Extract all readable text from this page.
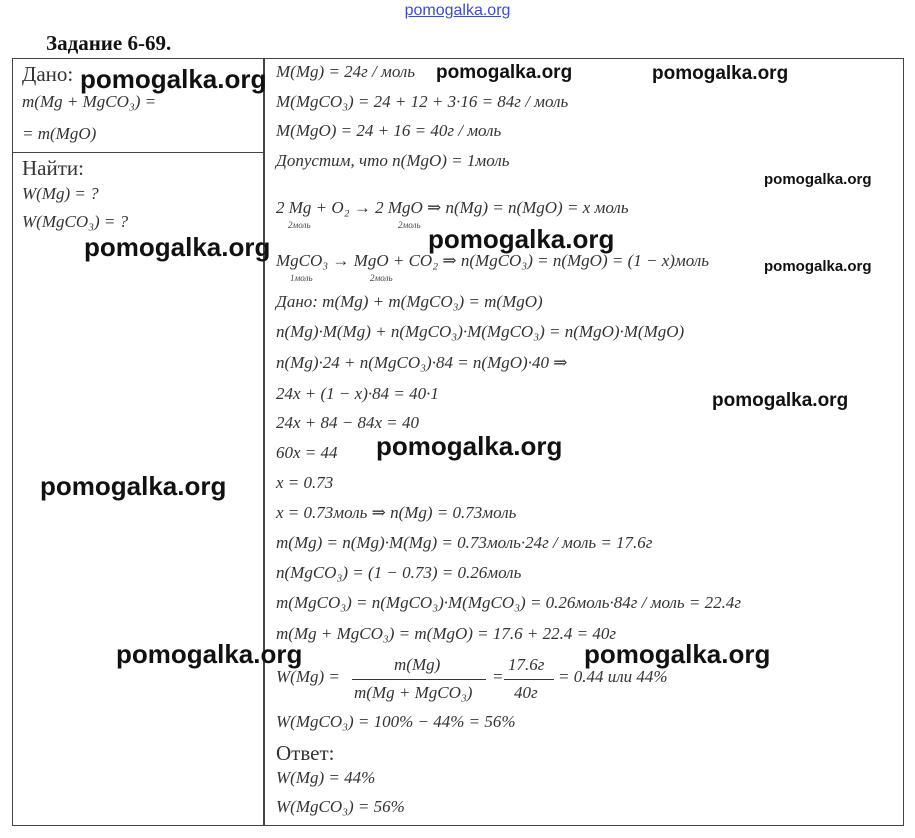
pomogalka.org
Задание 6-69.
Дано:
m(Mg + MgCO₃) =
= m(MgO)
Найти:
W(Mg) = ?
W(MgCO₃) = ?
M(Mg) = 24г / моль
M(MgCO₃) = 24 + 12 + 3·16 = 84г / моль
M(MgO) = 24 + 16 = 40г / моль
Допустим, что n(MgO) = 1моль
2 Mg + O₂ → 2 MgO ⇒ n(Mg) = n(MgO) = x моль
2моль	2моль
MgCO₃ → MgO + CO₂ ⇒ n(MgCO₃) = n(MgO) = (1 − x)моль
1моль	2моль
Дано: m(Mg) + m(MgCO₃) = m(MgO)
n(Mg)·M(Mg) + n(MgCO₃)·M(MgCO₃) = n(MgO)·M(MgO)
n(Mg)·24 + n(MgCO₃)·84 = n(MgO)·40 ⇒
24x + (1 − x)·84 = 40·1
24x + 84 − 84x = 40
60x = 44
x = 0.73
x = 0.73моль ⇒ n(Mg) = 0.73моль
m(Mg) = n(Mg)·M(Mg) = 0.73моль·24г / моль = 17.6г
n(MgCO₃) = (1 − 0.73) = 0.26моль
m(MgCO₃) = n(MgCO₃)·M(MgCO₃) = 0.26моль·84г / моль = 22.4г
m(Mg + MgCO₃) = m(MgO) = 17.6 + 22.4 = 40г
W(Mg) =
m(Mg)
m(Mg + MgCO₃)
=
17.6г
40г
= 0.44 или 44%
W(MgCO₃) = 100% − 44% = 56%
Ответ:
W(Mg) = 44%
W(MgCO₃) = 56%
pomogalka.org	pomogalka.org	pomogalka.org
pomogalka.org
pomogalka.org	pomogalka.org
pomogalka.org
pomogalka.org
pomogalka.org
pomogalka.org
pomogalka.org	pomogalka.org
